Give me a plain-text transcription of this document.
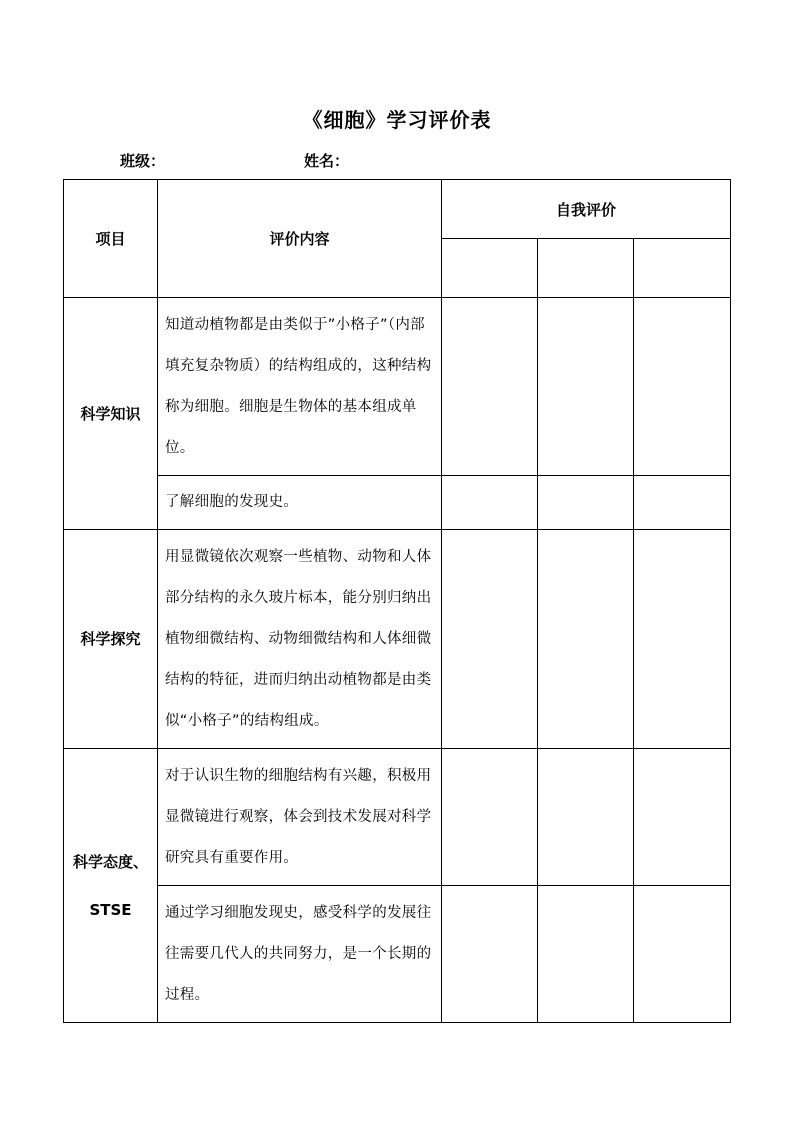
《细胞》学习评价表
班级：	姓名：
项目	评价内容	自我评价		

科学知识	知道动植物都是由类似于”小格子”（内部填充复杂物质）的结构组成的，这种结构称为细胞。细胞是生物体的基本组成单位。			
	了解细胞的发现史。			
科学探究	用显微镜依次观察一些植物、动物和人体部分结构的永久玻片标本，能分别归纳出植物细微结构、动物细微结构和人体细微结构的特征，进而归纳出动植物都是由类似“小格子”的结构组成。			

科学态度、
STSE	对于认识生物的细胞结构有兴趣，积极用显微镜进行观察，体会到技术发展对科学研究具有重要作用。			
	通过学习细胞发现史，感受科学的发展往往需要几代人的共同努力，是一个长期的过程。			
